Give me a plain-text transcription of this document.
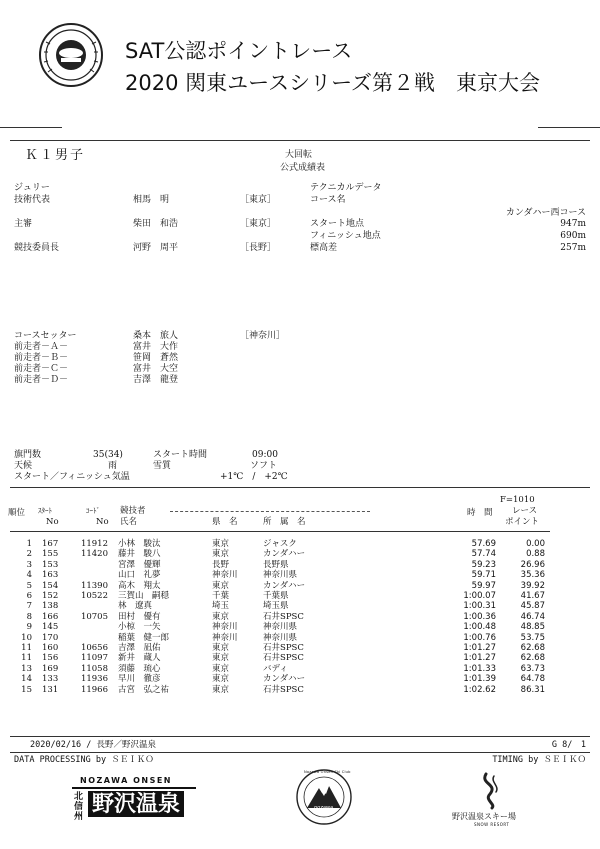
SAT公認ポイントレース
2020 関東ユースシリーズ第２戦　東京大会
Ｋ１男子	大回転
公式成績表
ジュリー
技術代表	相馬　明	［東京］
主審	柴田　和浩	［東京］
競技委員長	河野　周平	［長野］
テクニカルデータ
コース名
カンダハー西コース
スタート地点	947m
フィニッシュ地点	690m
標高差	257m
コースセッター	桑本　旅人	［神奈川］
前走者－Ａ－	富井　大作
前走者－Ｂ－	笹岡　蒼然
前走者－Ｃ－	富井　大空
前走者－Ｄ－	吉澤　龍登
旗門数	35(34)	スタート時間	09:00
天候	雨	雪質	ソフト
スタート／フィニッシュ気温	+1℃　/　+2℃
F=1010
順位 ｽﾀｰﾄ
No
ｺｰﾄﾞ
No
競技者
氏名	県　名	所　属　名
時　間 レース
ポイント
1 167	11912 小林　駿汰	東京	ジャスク	57.69	0.00
2 155	11420 藤井　駿八	東京	カンダハー	57.74	0.88
3 153	宮澤　優輝	長野	長野県	59.23	26.96
4 163	山口　礼夢	神奈川	神奈川県	59.71	35.36
5 154	11390 高木　翔太	東京	カンダハー	59.97	39.92
6 152	10522 三賀山　嗣穏	千葉	千葉県	1:00.07	41.67
7 138	林　遼真	埼玉	埼玉県	1:00.31	45.87
8 166	10705 田村　優有	東京	石井SPSC	1:00.36	46.74
9 145	小椋　一矢	神奈川	神奈川県	1:00.48	48.85
10 170	稲葉　健一郎	神奈川	神奈川県	1:00.76	53.75
11 160	10656 吉澤　凪佑	東京	石井SPSC	1:01.27	62.68
11 156	11097 新井　蔵人	東京	石井SPSC	1:01.27	62.68
13 169	11058 須藤　琉心	東京	バディ	1:01.33	63.73
14 133	11936 早川　徹彦	東京	カンダハー	1:01.39	64.78
15 131	11966 古宮　弘之祐	東京	石井SPSC	1:02.62	86.31
2020/02/16 / 長野／野沢温泉	G 8/　1
DATA PROCESSING by ＳＥＩＫＯ	TIMING by ＳＥＩＫＯ
NOZAWA ONSEN
北信州 野沢温泉	nozawa
Nozawa Onsen Ski Club
野沢温泉スキー場
SNOW RESORT
